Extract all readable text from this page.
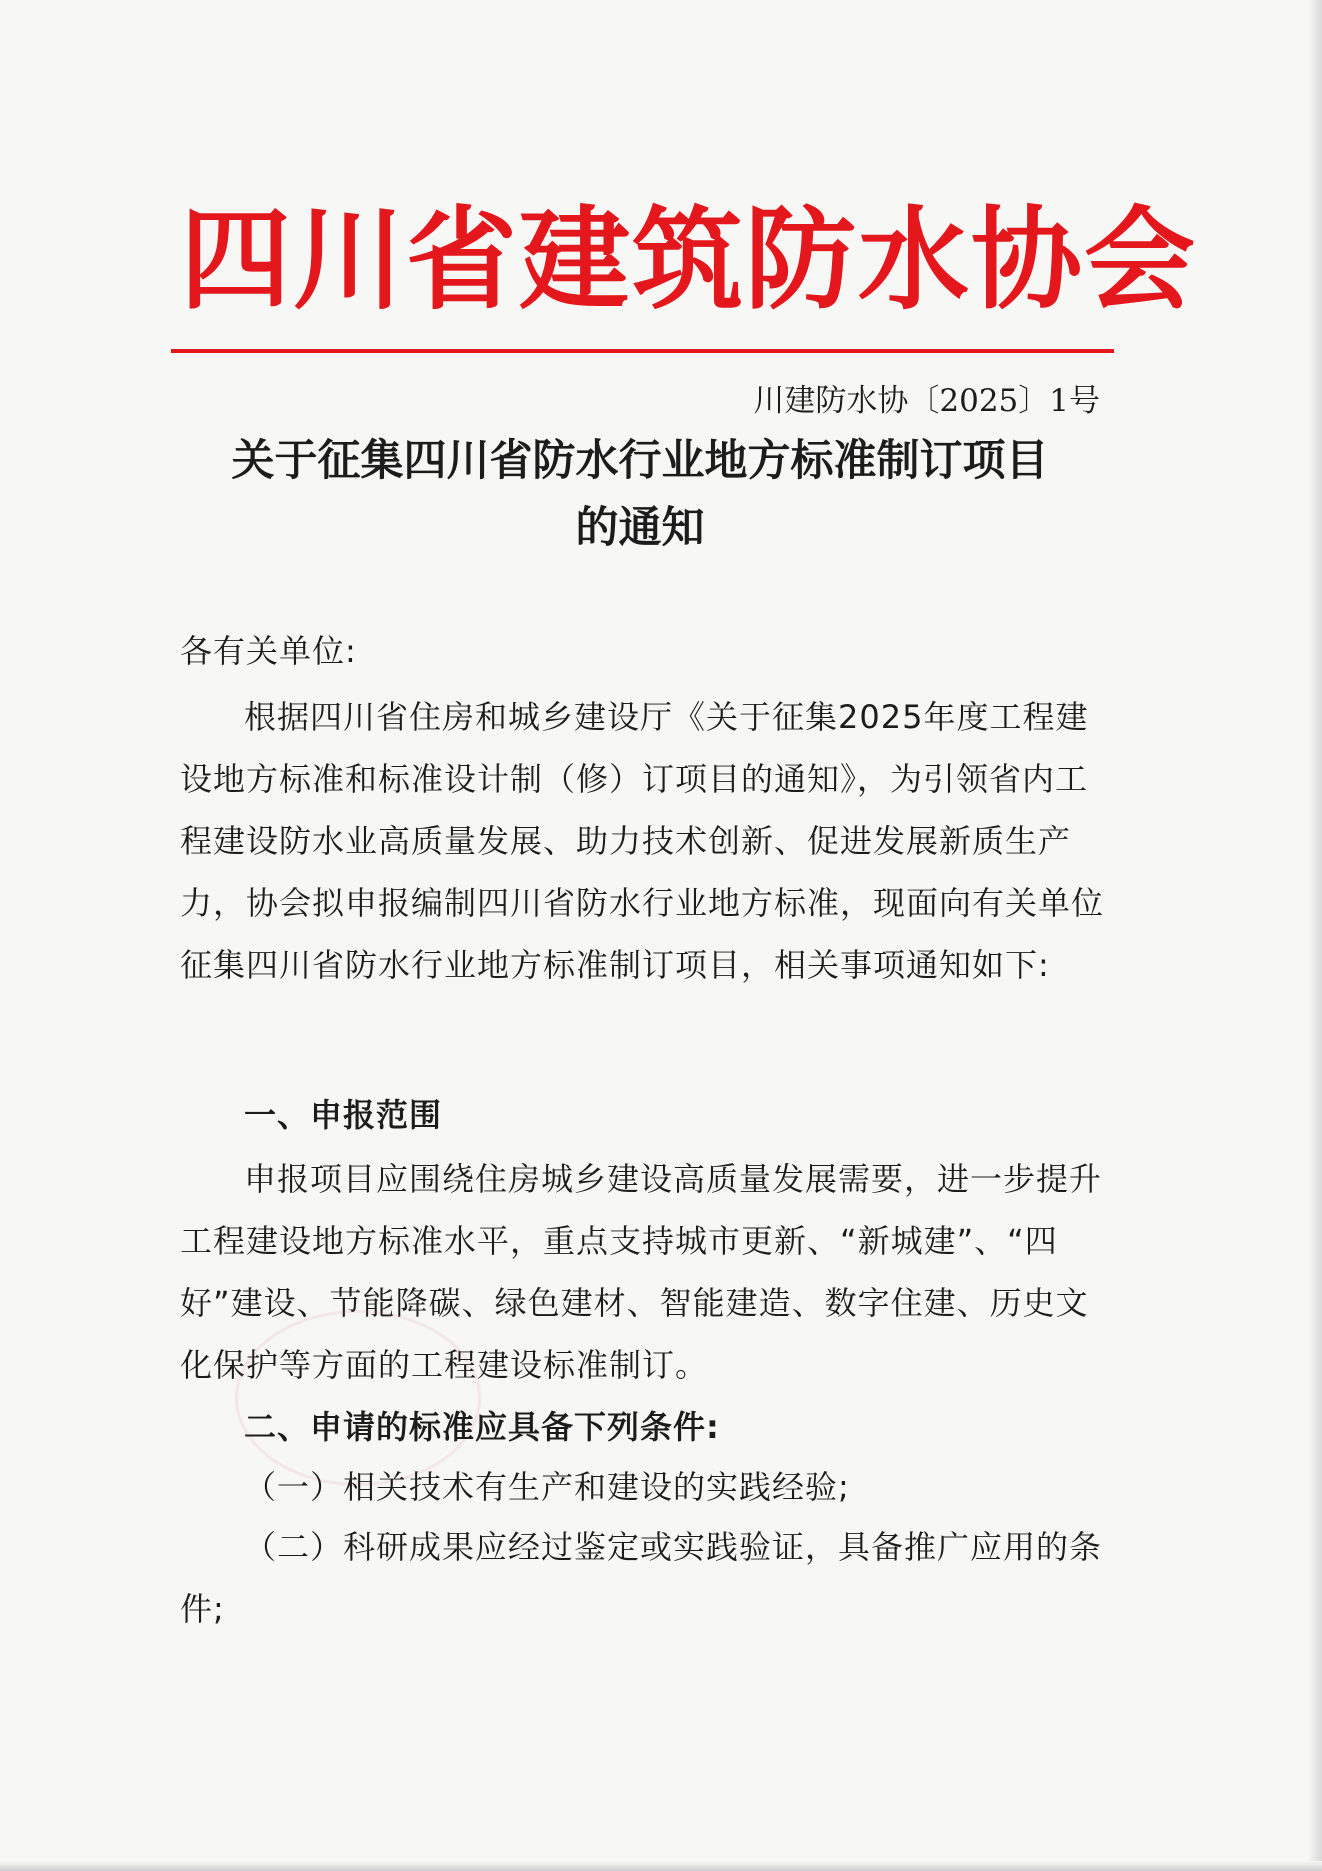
四川省建筑防水协会
川建防水协〔2025〕1号
关于征集四川省防水行业地方标准制订项目
的通知
各有关单位:
根据四川省住房和城乡建设厅《关于征集2025年度工程建设地方标准和标准设计制（修）订项目的通知》，为引领省内工程建设防水业高质量发展、助力技术创新、促进发展新质生产力，协会拟申报编制四川省防水行业地方标准，现面向有关单位征集四川省防水行业地方标准制订项目，相关事项通知如下:
一、申报范围
申报项目应围绕住房城乡建设高质量发展需要，进一步提升工程建设地方标准水平，重点支持城市更新、“新城建”、“四好”建设、节能降碳、绿色建材、智能建造、数字住建、历史文化保护等方面的工程建设标准制订。
二、申请的标准应具备下列条件:
（一）相关技术有生产和建设的实践经验;
（二）科研成果应经过鉴定或实践验证，具备推广应用的条件;
